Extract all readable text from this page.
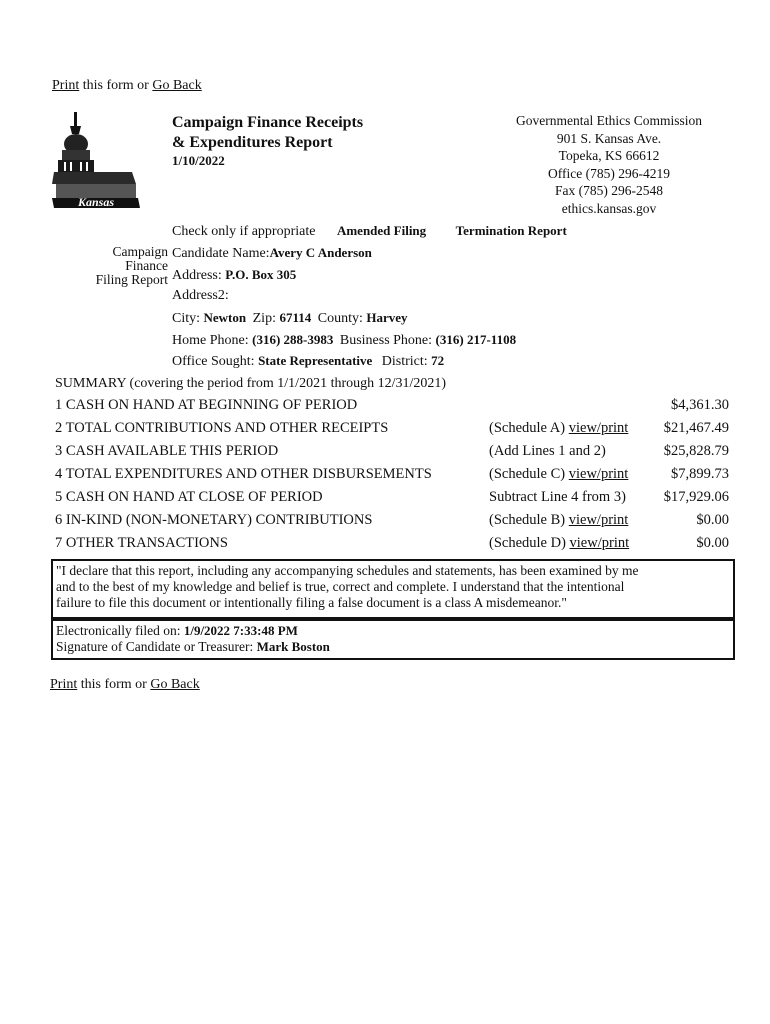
Print this form or Go Back
Kansas
Campaign Finance Receipts
& Expenditures Report
1/10/2022
Governmental Ethics Commission
901 S. Kansas Ave.
Topeka, KS 66612
Office (785) 296-4219
Fax (785) 296-2548
ethics.kansas.gov
Check only if appropriate Amended Filing Termination Report
Campaign
Finance
Filing Report
Candidate Name:Avery C Anderson
Address: P.O. Box 305
Address2:
City: Newton Zip: 67114 County: Harvey
Home Phone: (316) 288-3983 Business Phone: (316) 217-1108
Office Sought: State Representative District: 72
SUMMARY (covering the period from 1/1/2021 through 12/31/2021)
1 CASH ON HAND AT BEGINNING OF PERIOD	$4,361.30
2 TOTAL CONTRIBUTIONS AND OTHER RECEIPTS	(Schedule A) view/print	$21,467.49
3 CASH AVAILABLE THIS PERIOD	(Add Lines 1 and 2)	$25,828.79
4 TOTAL EXPENDITURES AND OTHER DISBURSEMENTS	(Schedule C) view/print	$7,899.73
5 CASH ON HAND AT CLOSE OF PERIOD	Subtract Line 4 from 3)	$17,929.06
6 IN-KIND (NON-MONETARY) CONTRIBUTIONS	(Schedule B) view/print	$0.00
7 OTHER TRANSACTIONS	(Schedule D) view/print	$0.00
"I declare that this report, including any accompanying schedules and statements, has been examined by me
and to the best of my knowledge and belief is true, correct and complete. I understand that the intentional
failure to file this document or intentionally filing a false document is a class A misdemeanor."
Electronically filed on: 1/9/2022 7:33:48 PM
Signature of Candidate or Treasurer: Mark Boston
Print this form or Go Back
